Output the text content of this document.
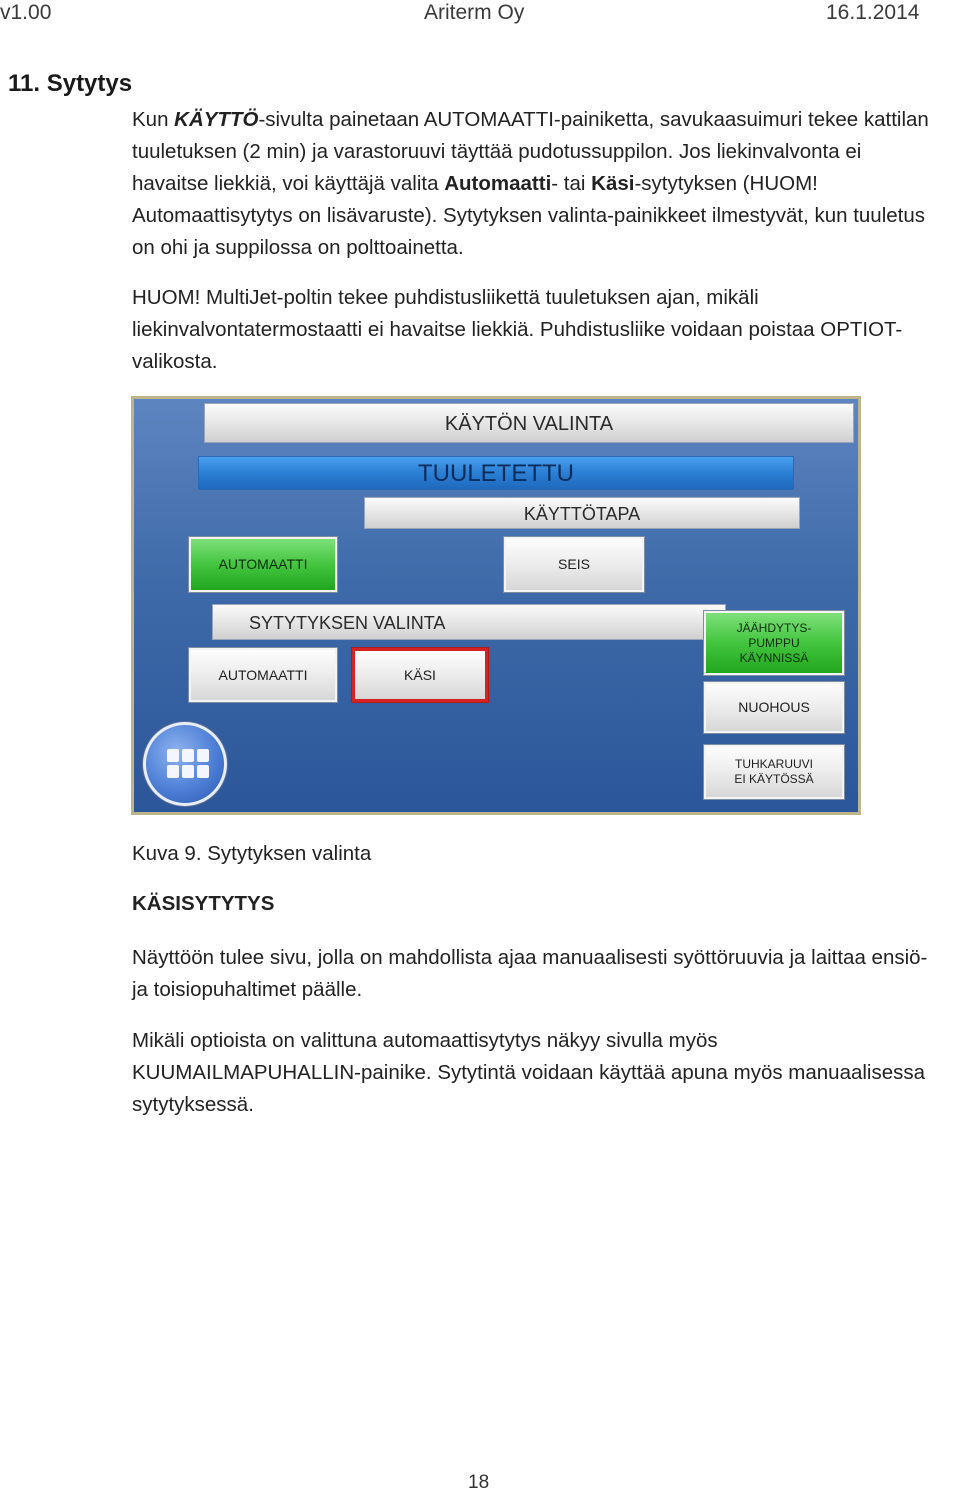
v1.00	Ariterm Oy	16.1.2014
11. Sytytys

Kun KÄYTTÖ-sivulta painetaan AUTOMAATTI-painiketta, savukaasuimuri tekee kattilan tuuletuksen (2 min) ja varastoruuvi täyttää pudotussuppilon. Jos liekinvalvonta ei havaitse liekkiä, voi käyttäjä valita Automaatti- tai Käsi-sytytyksen (HUOM! Automaattisytytys on lisävaruste). Sytytyksen valinta-painikkeet ilmestyvät, kun tuuletus on ohi ja suppilossa on polttoainetta.

HUOM! MultiJet-poltin tekee puhdistusliikettä tuuletuksen ajan, mikäli liekinvalvontatermostaatti ei havaitse liekkiä. Puhdistusliike voidaan poistaa OPTIOT-valikosta.

KÄYTÖN VALINTA
TUULETETTU
KÄYTTÖTAPA
AUTOMAATTI	SEIS
SYTYTYKSEN VALINTA
AUTOMAATTI	KÄSI
JÄÄHDYTYS-
PUMPPU
KÄYNNISSÄ
NUOHOUS
TUHKARUUVI
EI KÄYTÖSSÄ

Kuva 9. Sytytyksen valinta

KÄSISYTYTYS

Näyttöön tulee sivu, jolla on mahdollista ajaa manuaalisesti syöttöruuvia ja laittaa ensiö- ja toisiopuhaltimet päälle.

Mikäli optioista on valittuna automaattisytytys näkyy sivulla myös KUUMAILMAPUHALLIN-painike. Sytytintä voidaan käyttää apuna myös manuaalisessa sytytyksessä.

18
